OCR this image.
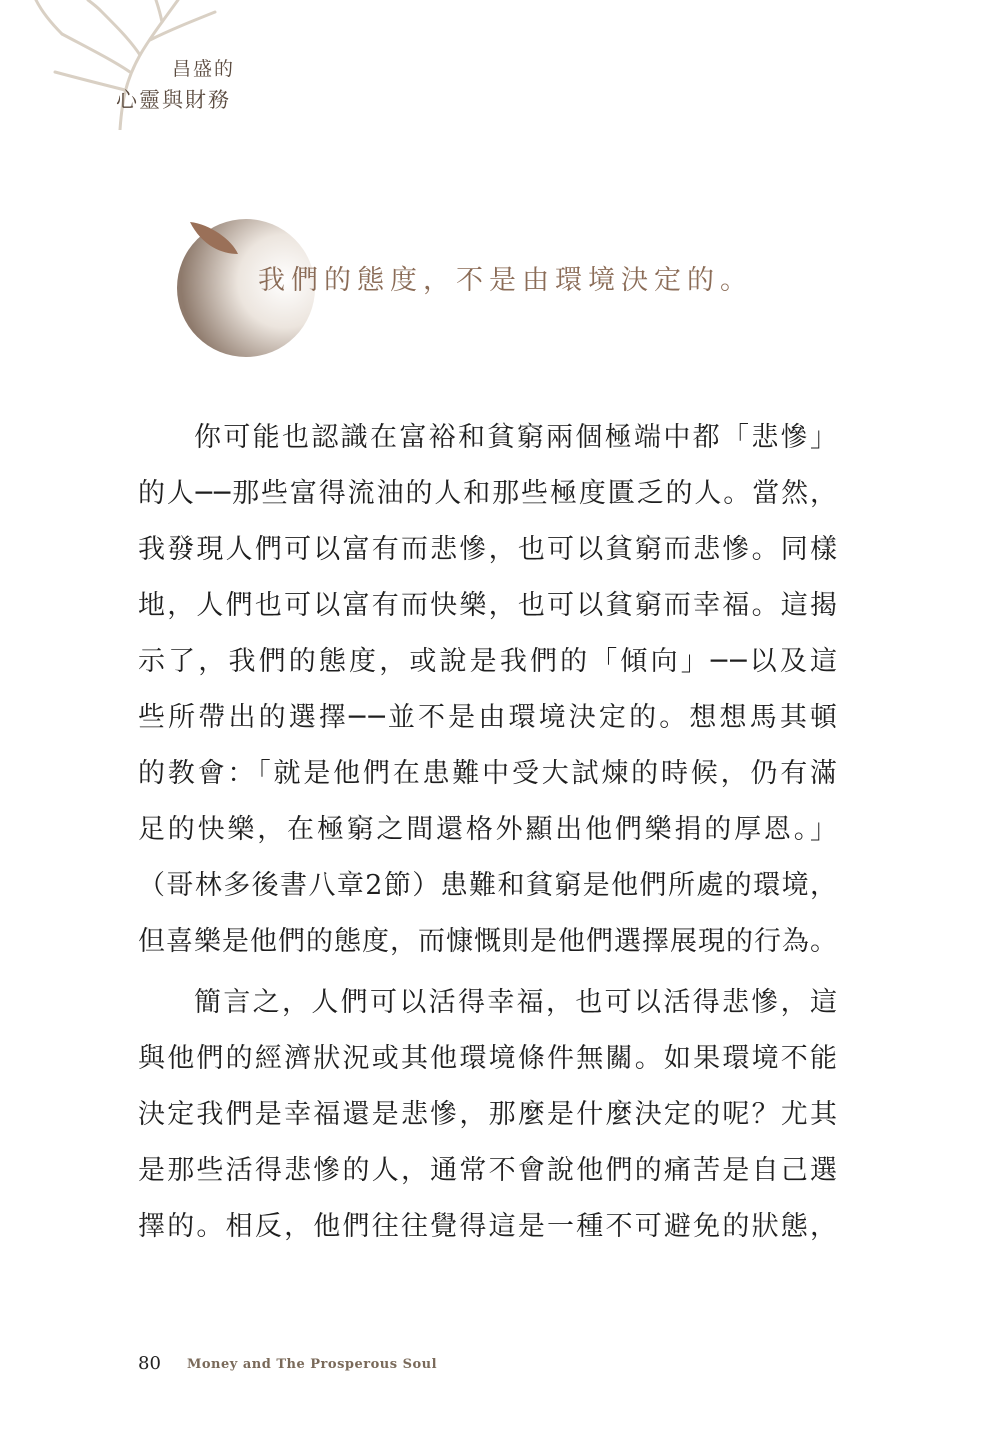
昌盛的
心靈與財務
我們的態度，不是由環境決定的。
你可能也認識在富裕和貧窮兩個極端中都「悲慘」
的人──那些富得流油的人和那些極度匱乏的人。當然，
我發現人們可以富有而悲慘，也可以貧窮而悲慘。同樣
地，人們也可以富有而快樂，也可以貧窮而幸福。這揭
示了，我們的態度，或說是我們的「傾向」──以及這
些所帶出的選擇──並不是由環境決定的。想想馬其頓
的教會：「就是他們在患難中受大試煉的時候，仍有滿
足的快樂，在極窮之間還格外顯出他們樂捐的厚恩。」
（哥林多後書八章2節）患難和貧窮是他們所處的環境，
但喜樂是他們的態度，而慷慨則是他們選擇展現的行為。
簡言之，人們可以活得幸福，也可以活得悲慘，這
與他們的經濟狀況或其他環境條件無關。如果環境不能
決定我們是幸福還是悲慘，那麼是什麼決定的呢？尤其
是那些活得悲慘的人，通常不會說他們的痛苦是自己選
擇的。相反，他們往往覺得這是一種不可避免的狀態，
80 Money and The Prosperous Soul
